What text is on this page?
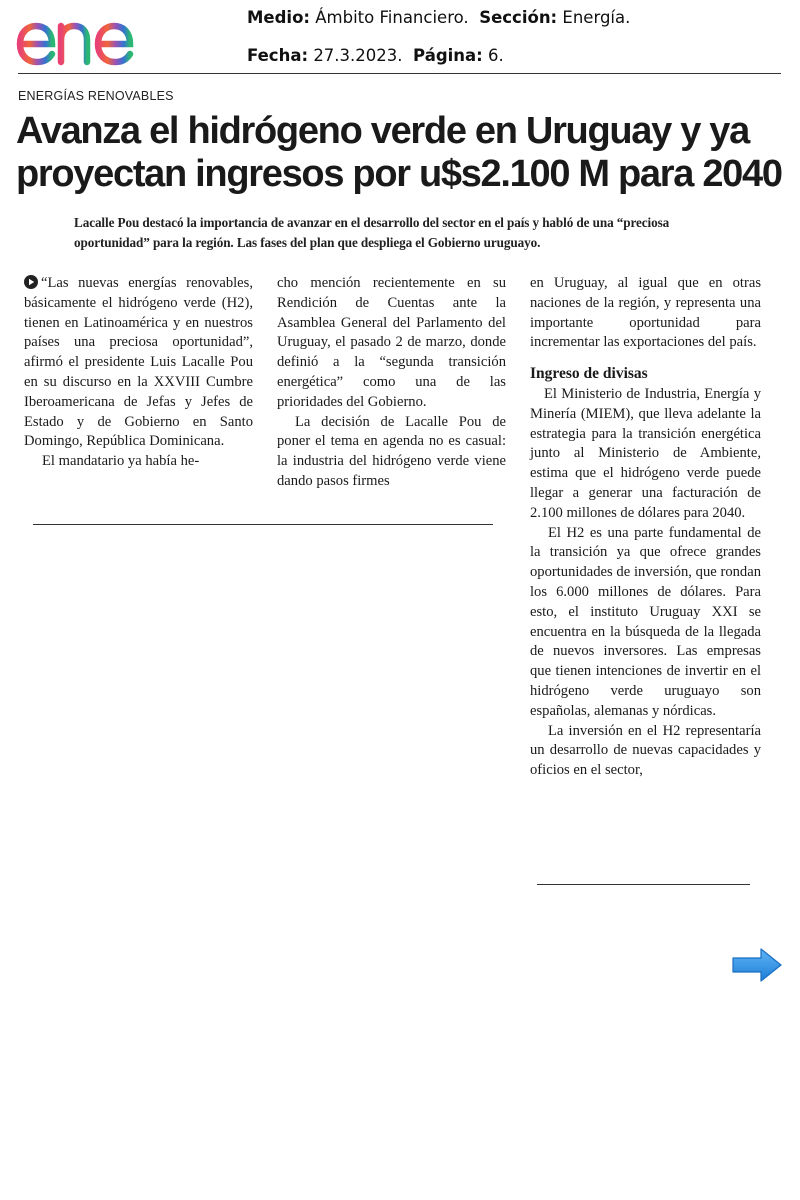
Medio: Ámbito Financiero. Sección: Energía.
Fecha: 27.3.2023. Página: 6.
ENERGÍAS RENOVABLES
Avanza el hidrógeno verde en Uruguay y ya proyectan ingresos por u$s2.100 M para 2040

Lacalle Pou destacó la importancia de avanzar en el desarrollo del sector en el país y habló de una “preciosa oportunidad” para la región. Las fases del plan que despliega el Gobierno uruguayo.

“Las nuevas energías renovables, básicamente el hidrógeno verde (H2), tienen en Latinoamérica y en nuestros países una preciosa oportunidad”, afirmó el presidente Luis Lacalle Pou en su discurso en la XXVIII Cumbre Iberoamericana de Jefas y Jefes de Estado y de Gobierno en Santo Domingo, República Dominicana.

El mandatario ya había he-

cho mención recientemente en su Rendición de Cuentas ante la Asamblea General del Parlamento del Uruguay, el pasado 2 de marzo, donde definió a la “segunda transición energética” como una de las prioridades del Gobierno.

La decisión de Lacalle Pou de poner el tema en agenda no es casual: la industria del hidrógeno verde viene dando pasos firmes

en Uruguay, al igual que en otras naciones de la región, y representa una importante oportunidad para incrementar las exportaciones del país.

Ingreso de divisas

El Ministerio de Industria, Energía y Minería (MIEM), que lleva adelante la estrategia para la transición energética junto al Ministerio de Ambiente, estima que el hidrógeno verde puede llegar a generar una facturación de 2.100 millones de dólares para 2040.

El H2 es una parte fundamental de la transición ya que ofrece grandes oportunidades de inversión, que rondan los 6.000 millones de dólares. Para esto, el instituto Uruguay XXI se encuentra en la búsqueda de la llegada de nuevos inversores. Las empresas que tienen intenciones de invertir en el hidrógeno verde uruguayo son españolas, alemanas y nórdicas.

La inversión en el H2 representaría un desarrollo de nuevas capacidades y oficios en el sector,
